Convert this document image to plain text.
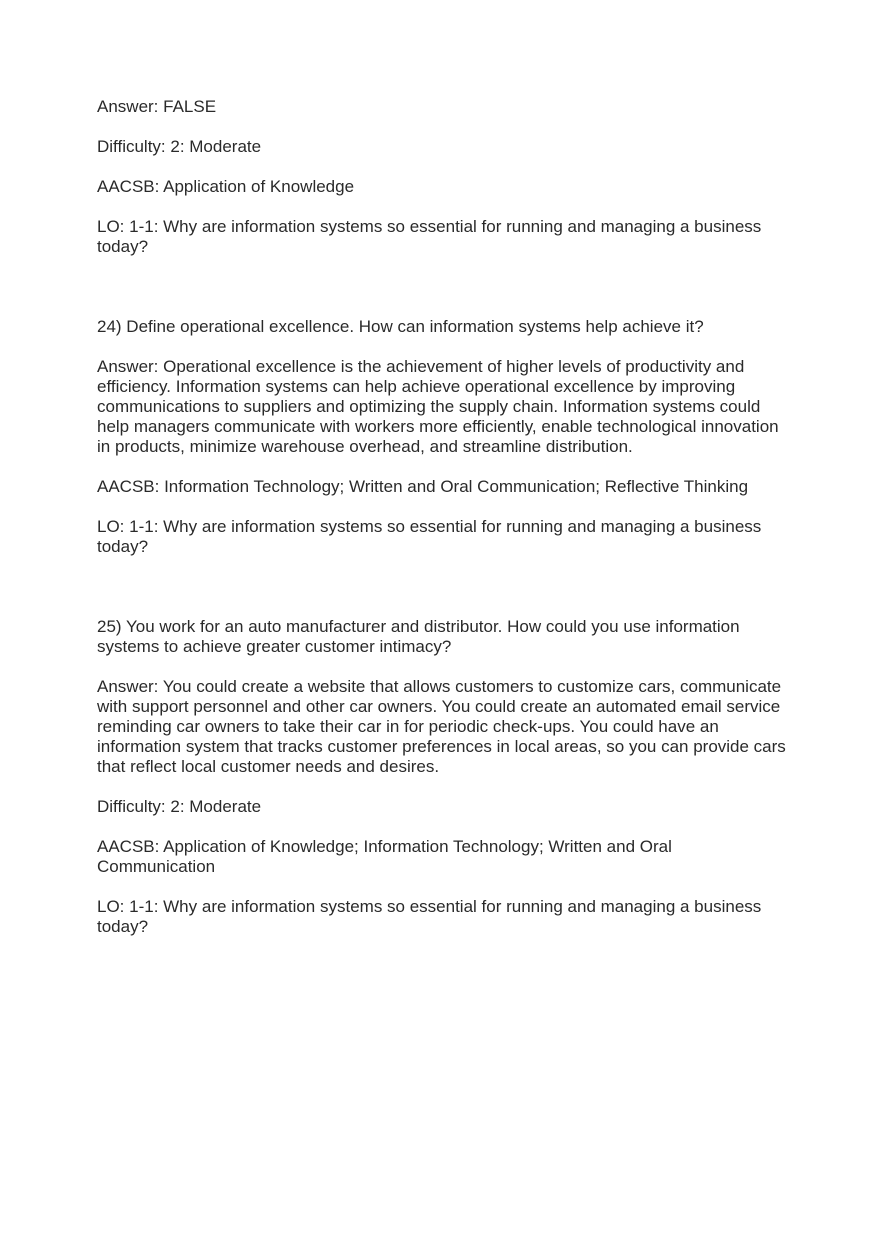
Answer: FALSE

Difficulty: 2: Moderate

AACSB: Application of Knowledge

LO: 1-1: Why are information systems so essential for running and managing a business today?

24) Define operational excellence. How can information systems help achieve it?

Answer: Operational excellence is the achievement of higher levels of productivity and efficiency. Information systems can help achieve operational excellence by improving communications to suppliers and optimizing the supply chain. Information systems could help managers communicate with workers more efficiently, enable technological innovation in products, minimize warehouse overhead, and streamline distribution.

AACSB: Information Technology; Written and Oral Communication; Reflective Thinking

LO: 1-1: Why are information systems so essential for running and managing a business today?

25) You work for an auto manufacturer and distributor. How could you use information systems to achieve greater customer intimacy?

Answer: You could create a website that allows customers to customize cars, communicate with support personnel and other car owners. You could create an automated email service reminding car owners to take their car in for periodic check-ups. You could have an information system that tracks customer preferences in local areas, so you can provide cars that reflect local customer needs and desires.

Difficulty: 2: Moderate

AACSB: Application of Knowledge; Information Technology; Written and Oral Communication

LO: 1-1: Why are information systems so essential for running and managing a business today?
